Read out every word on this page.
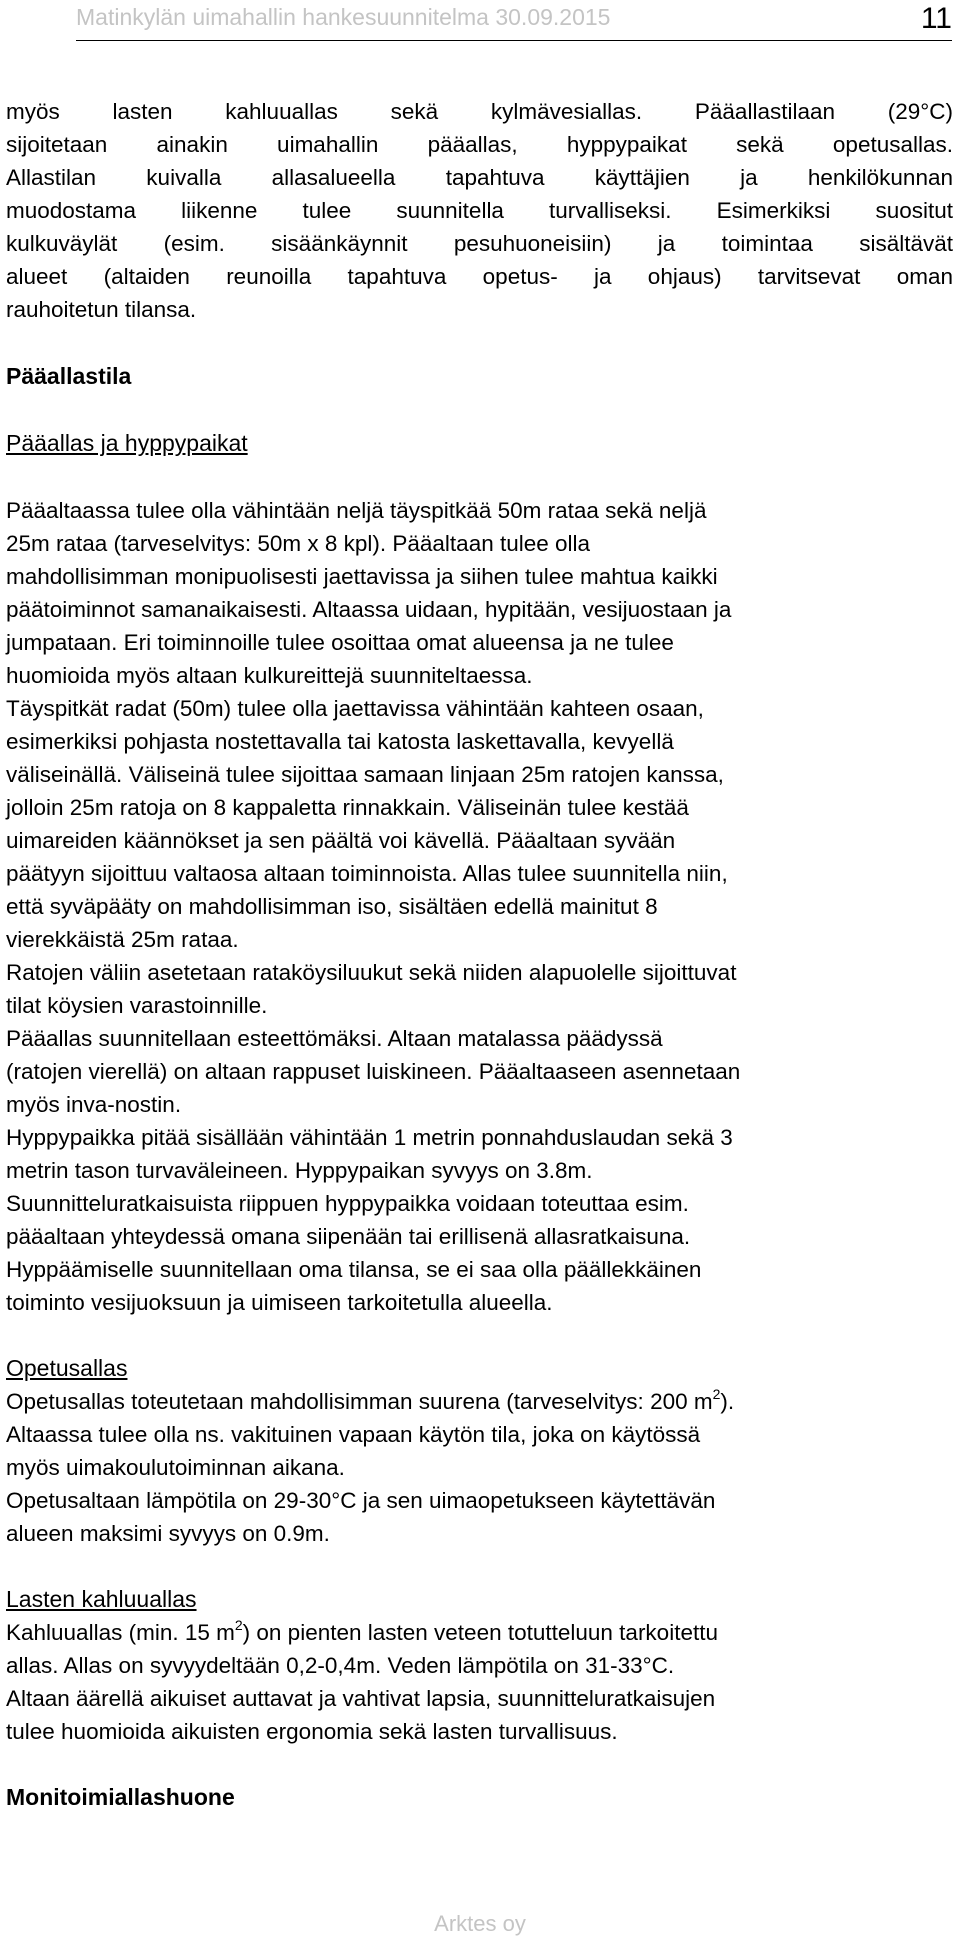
Matinkylän uimahallin hankesuunnitelma 30.09.2015	11
myös lasten kahluuallas sekä kylmävesiallas. Pääallastilaan (29°C)
sijoitetaan ainakin uimahallin pääallas, hyppypaikat sekä opetusallas.
Allastilan kuivalla allasalueella tapahtuva käyttäjien ja henkilökunnan
muodostama liikenne tulee suunnitella turvalliseksi. Esimerkiksi suositut
kulkuväylät (esim. sisäänkäynnit pesuhuoneisiin) ja toimintaa sisältävät
alueet (altaiden reunoilla tapahtuva opetus- ja ohjaus) tarvitsevat oman
rauhoitetun tilansa.
Pääallastila
Pääallas ja hyppypaikat
Pääaltaassa tulee olla vähintään neljä täyspitkää 50m rataa sekä neljä
25m rataa (tarveselvitys: 50m x 8 kpl). Pääaltaan tulee olla
mahdollisimman monipuolisesti jaettavissa ja siihen tulee mahtua kaikki
päätoiminnot samanaikaisesti. Altaassa uidaan, hypitään, vesijuostaan ja
jumpataan. Eri toiminnoille tulee osoittaa omat alueensa ja ne tulee
huomioida myös altaan kulkureittejä suunniteltaessa.
Täyspitkät radat (50m) tulee olla jaettavissa vähintään kahteen osaan,
esimerkiksi pohjasta nostettavalla tai katosta laskettavalla, kevyellä
väliseinällä. Väliseinä tulee sijoittaa samaan linjaan 25m ratojen kanssa,
jolloin 25m ratoja on 8 kappaletta rinnakkain. Väliseinän tulee kestää
uimareiden käännökset ja sen päältä voi kävellä. Pääaltaan syvään
päätyyn sijoittuu valtaosa altaan toiminnoista. Allas tulee suunnitella niin,
että syväpääty on mahdollisimman iso, sisältäen edellä mainitut 8
vierekkäistä 25m rataa.
Ratojen väliin asetetaan rataköysiluukut sekä niiden alapuolelle sijoittuvat
tilat köysien varastoinnille.
Pääallas suunnitellaan esteettömäksi. Altaan matalassa päädyssä
(ratojen vierellä) on altaan rappuset luiskineen. Pääaltaaseen asennetaan
myös inva-nostin.
Hyppypaikka pitää sisällään vähintään 1 metrin ponnahduslaudan sekä 3
metrin tason turvaväleineen. Hyppypaikan syvyys on 3.8m.
Suunnitteluratkaisuista riippuen hyppypaikka voidaan toteuttaa esim.
pääaltaan yhteydessä omana siipenään tai erillisenä allasratkaisuna.
Hyppäämiselle suunnitellaan oma tilansa, se ei saa olla päällekkäinen
toiminto vesijuoksuun ja uimiseen tarkoitetulla alueella.
Opetusallas
Opetusallas toteutetaan mahdollisimman suurena (tarveselvitys: 200 $m^2$).
Altaassa tulee olla ns. vakituinen vapaan käytön tila, joka on käytössä
myös uimakoulutoiminnan aikana.
Opetusaltaan lämpötila on 29-30°C ja sen uimaopetukseen käytettävän
alueen maksimi syvyys on 0.9m.
Lasten kahluuallas
Kahluuallas (min. 15 $m^2$) on pienten lasten veteen totutteluun tarkoitettu
allas. Allas on syvyydeltään 0,2-0,4m. Veden lämpötila on 31-33°C.
Altaan äärellä aikuiset auttavat ja vahtivat lapsia, suunnitteluratkaisujen
tulee huomioida aikuisten ergonomia sekä lasten turvallisuus.
Monitoimiallashuone
Arktes oy
